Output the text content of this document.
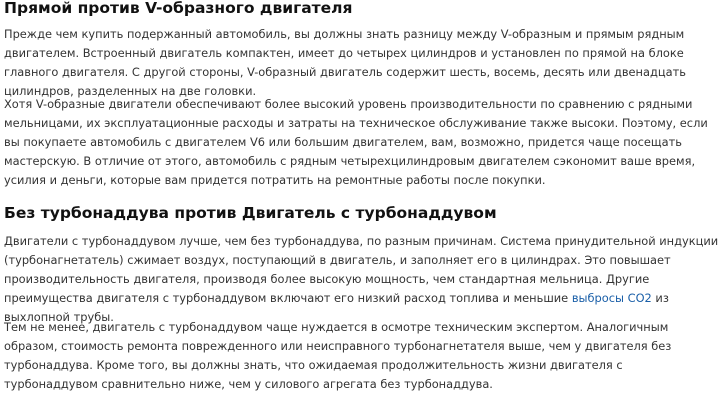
Прямой против V-образного двигателя

Прежде чем купить подержанный автомобиль, вы должны знать разницу между V-образным и прямым рядным двигателем. Встроенный двигатель компактен, имеет до четырех цилиндров и установлен по прямой на блоке главного двигателя. С другой стороны, V-образный двигатель содержит шесть, восемь, десять или двенадцать цилиндров, разделенных на две головки.

Хотя V-образные двигатели обеспечивают более высокий уровень производительности по сравнению с рядными мельницами, их эксплуатационные расходы и затраты на техническое обслуживание также высоки. Поэтому, если вы покупаете автомобиль с двигателем V6 или большим двигателем, вам, возможно, придется чаще посещать мастерскую. В отличие от этого, автомобиль с рядным четырехцилиндровым двигателем сэкономит ваше время, усилия и деньги, которые вам придется потратить на ремонтные работы после покупки.

Без турбонаддува против Двигатель с турбонаддувом

Двигатели с турбонаддувом лучше, чем без турбонаддува, по разным причинам. Система принудительной индукции (турбонагнетатель) сжимает воздух, поступающий в двигатель, и заполняет его в цилиндрах. Это повышает производительность двигателя, производя более высокую мощность, чем стандартная мельница. Другие преимущества двигателя с турбонаддувом включают его низкий расход топлива и меньшие выбросы CO2 из выхлопной трубы.

Тем не менее, двигатель с турбонаддувом чаще нуждается в осмотре техническим экспертом. Аналогичным образом, стоимость ремонта поврежденного или неисправного турбонагнетателя выше, чем у двигателя без турбонаддува. Кроме того, вы должны знать, что ожидаемая продолжительность жизни двигателя с турбонаддувом сравнительно ниже, чем у силового агрегата без турбонаддува.
